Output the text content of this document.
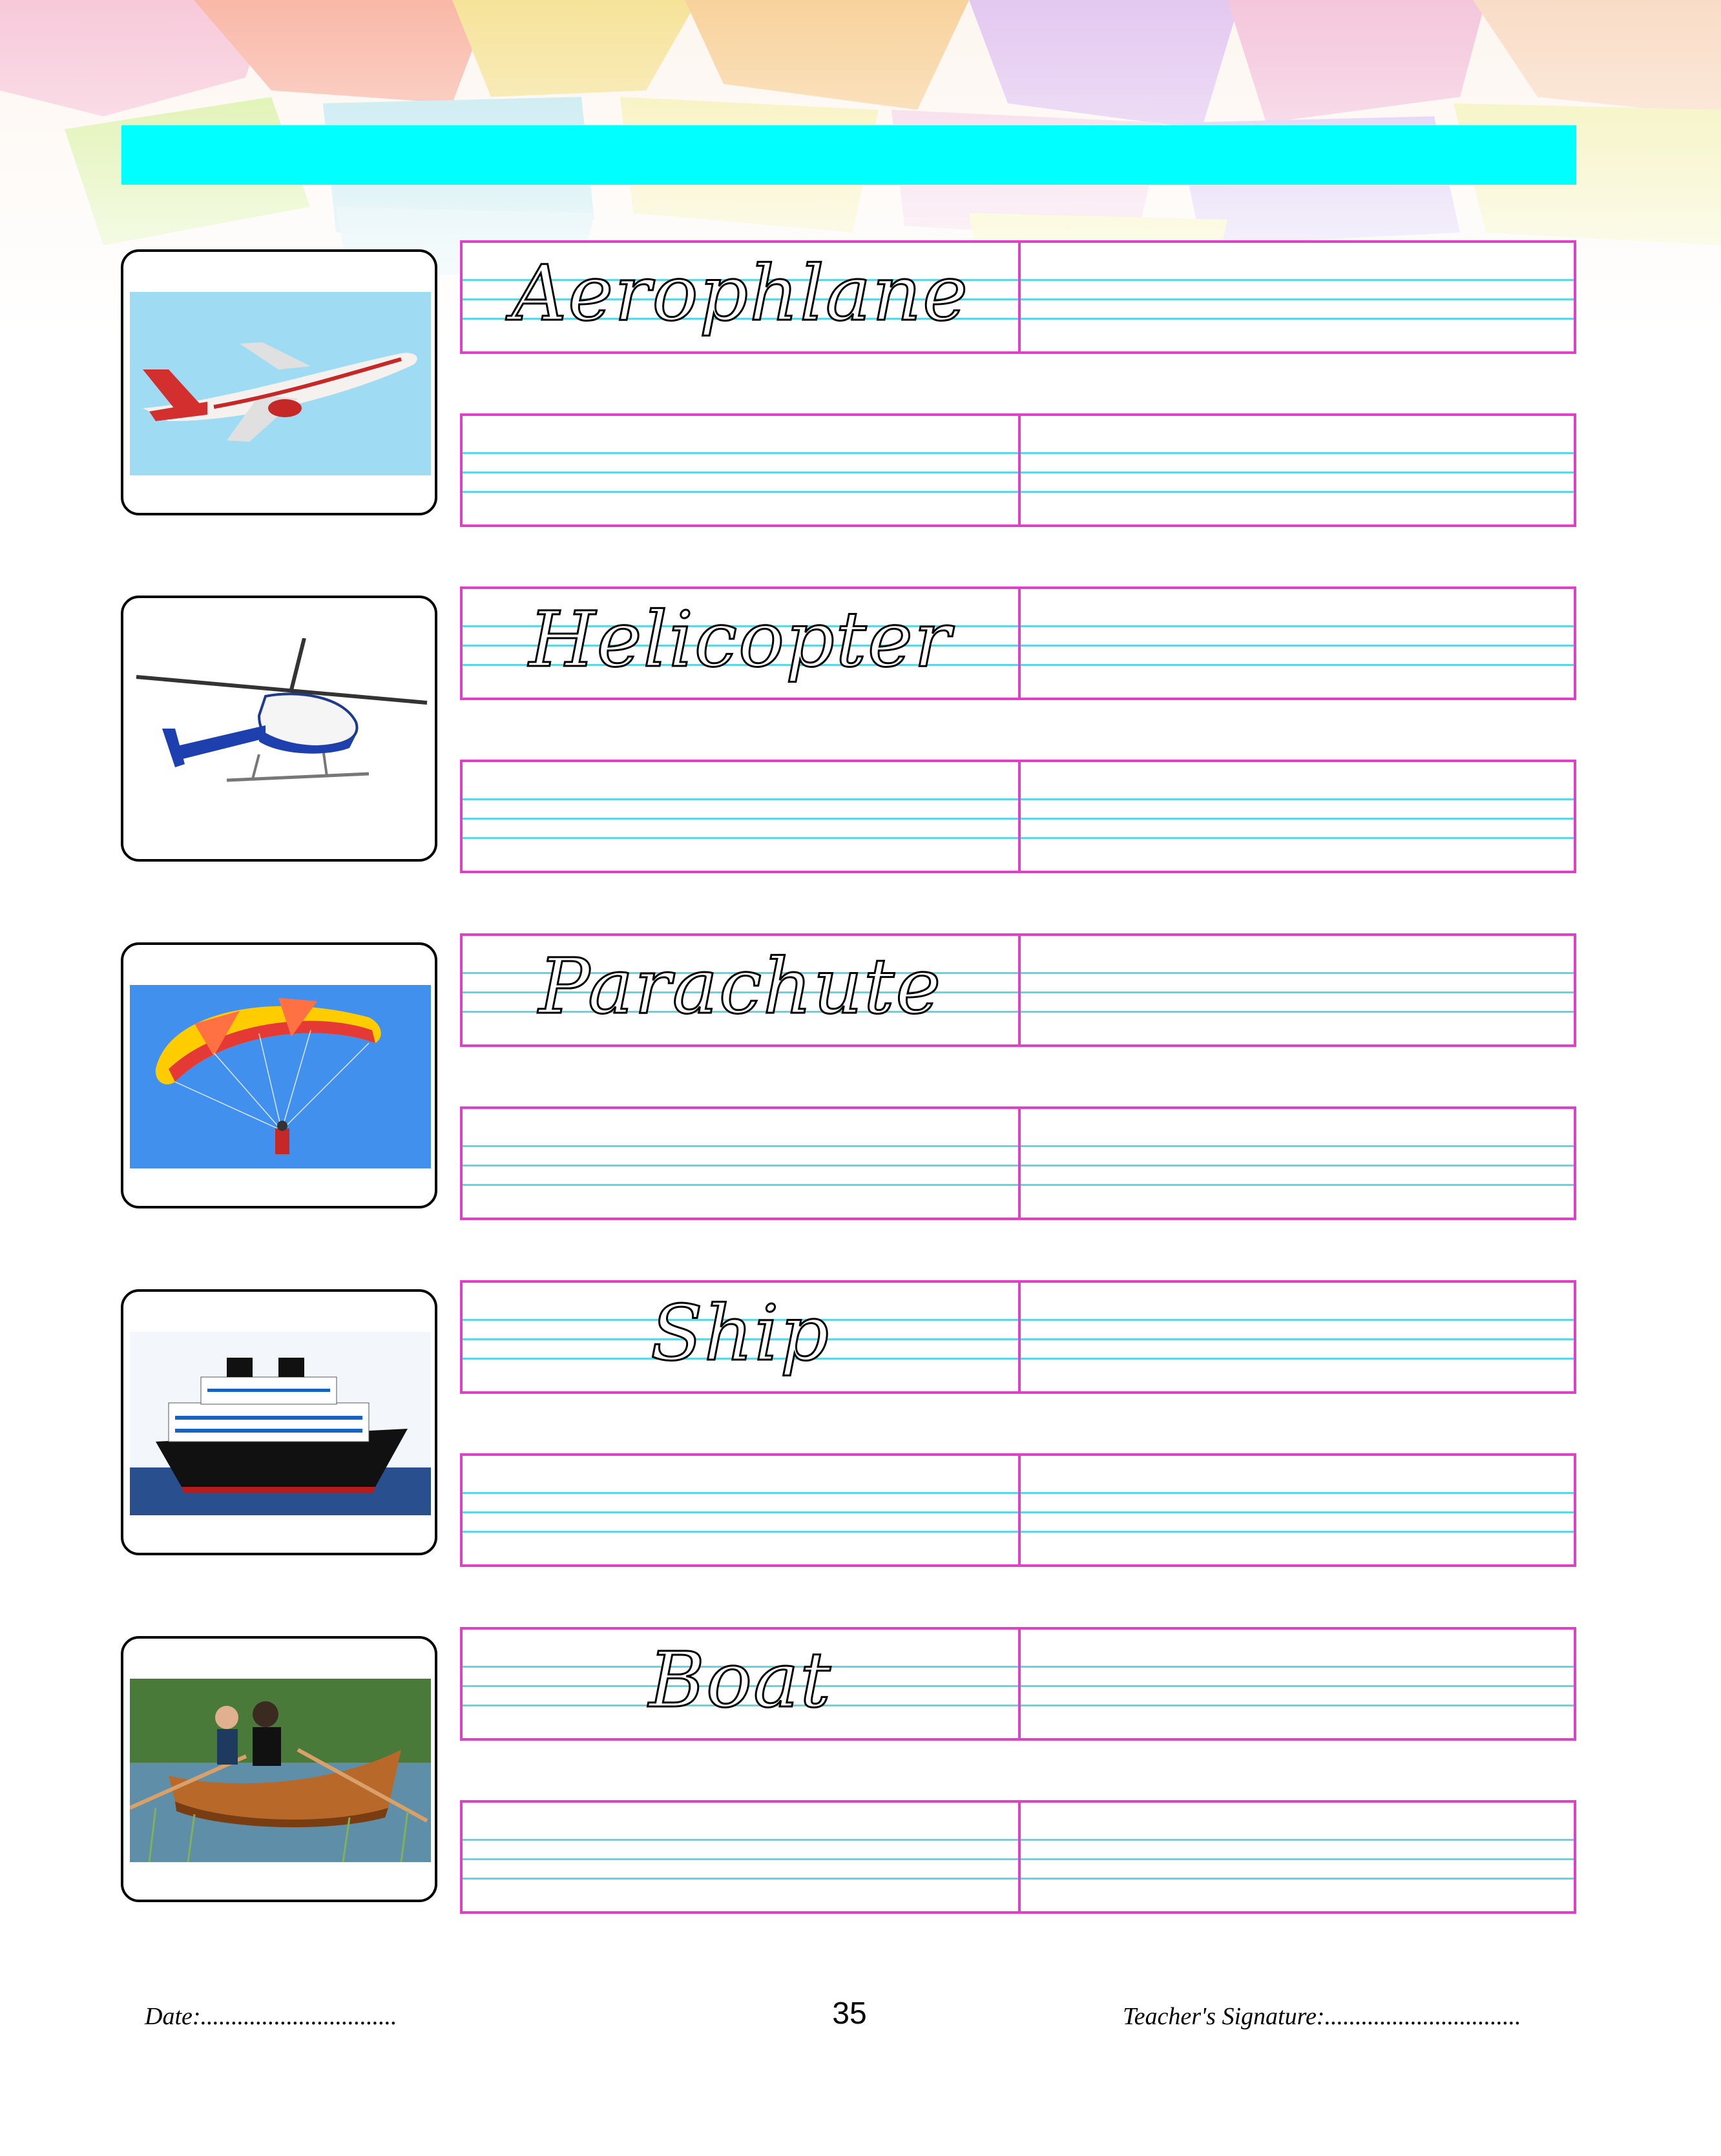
Aerophlane
Helicopter
Parachute
Ship
Boat
Date:................................	35	Teacher's Signature:................................
